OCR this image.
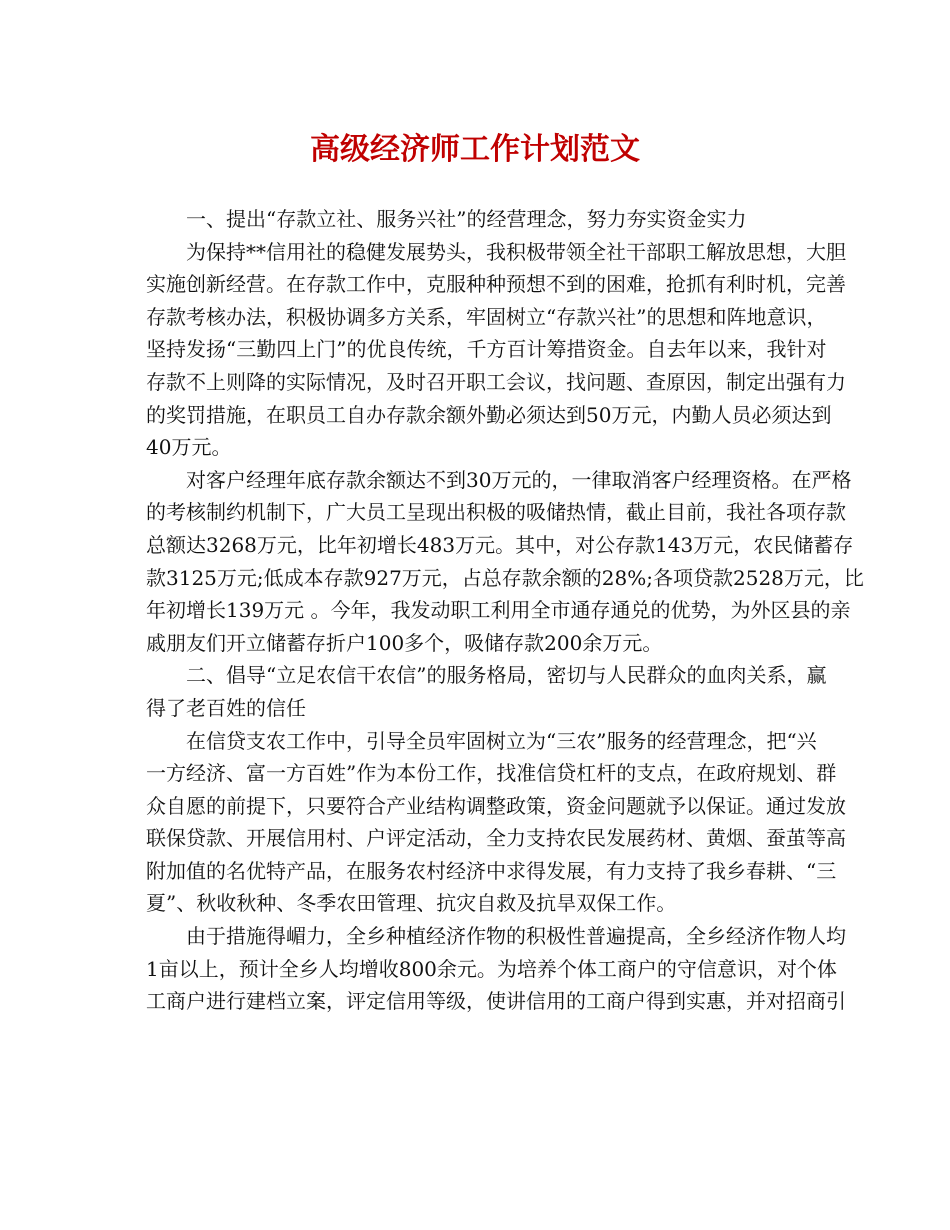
高级经济师工作计划范文
一、提出“存款立社、服务兴社”的经营理念，努力夯实资金实力
为保持**信用社的稳健发展势头，我积极带领全社干部职工解放思想，大胆
实施创新经营。在存款工作中，克服种种预想不到的困难，抢抓有利时机，完善
存款考核办法，积极协调多方关系，牢固树立“存款兴社”的思想和阵地意识，
坚持发扬“三勤四上门”的优良传统，千方百计筹措资金。自去年以来，我针对
存款不上则降的实际情况，及时召开职工会议，找问题、查原因，制定出强有力
的奖罚措施，在职员工自办存款余额外勤必须达到50万元，内勤人员必须达到
40万元。
对客户经理年底存款余额达不到30万元的，一律取消客户经理资格。在严格
的考核制约机制下，广大员工呈现出积极的吸储热情，截止目前，我社各项存款
总额达3268万元，比年初增长483万元。其中，对公存款143万元，农民储蓄存
款3125万元;低成本存款927万元，占总存款余额的28%;各项贷款2528万元，比
年初增长139万元 。今年，我发动职工利用全市通存通兑的优势，为外区县的亲
戚朋友们开立储蓄存折户100多个，吸储存款200余万元。
二、倡导“立足农信干农信”的服务格局，密切与人民群众的血肉关系，赢
得了老百姓的信任
在信贷支农工作中，引导全员牢固树立为“三农”服务的经营理念，把“兴
一方经济、富一方百姓”作为本份工作，找准信贷杠杆的支点，在政府规划、群
众自愿的前提下，只要符合产业结构调整政策，资金问题就予以保证。通过发放
联保贷款、开展信用村、户评定活动，全力支持农民发展药材、黄烟、蚕茧等高
附加值的名优特产品，在服务农村经济中求得发展，有力支持了我乡春耕、“三
夏”、秋收秋种、冬季农田管理、抗灾自救及抗旱双保工作。
由于措施得嵋力，全乡种植经济作物的积极性普遍提高，全乡经济作物人均
1亩以上，预计全乡人均增收800余元。为培养个体工商户的守信意识，对个体
工商户进行建档立案，评定信用等级，使讲信用的工商户得到实惠，并对招商引
